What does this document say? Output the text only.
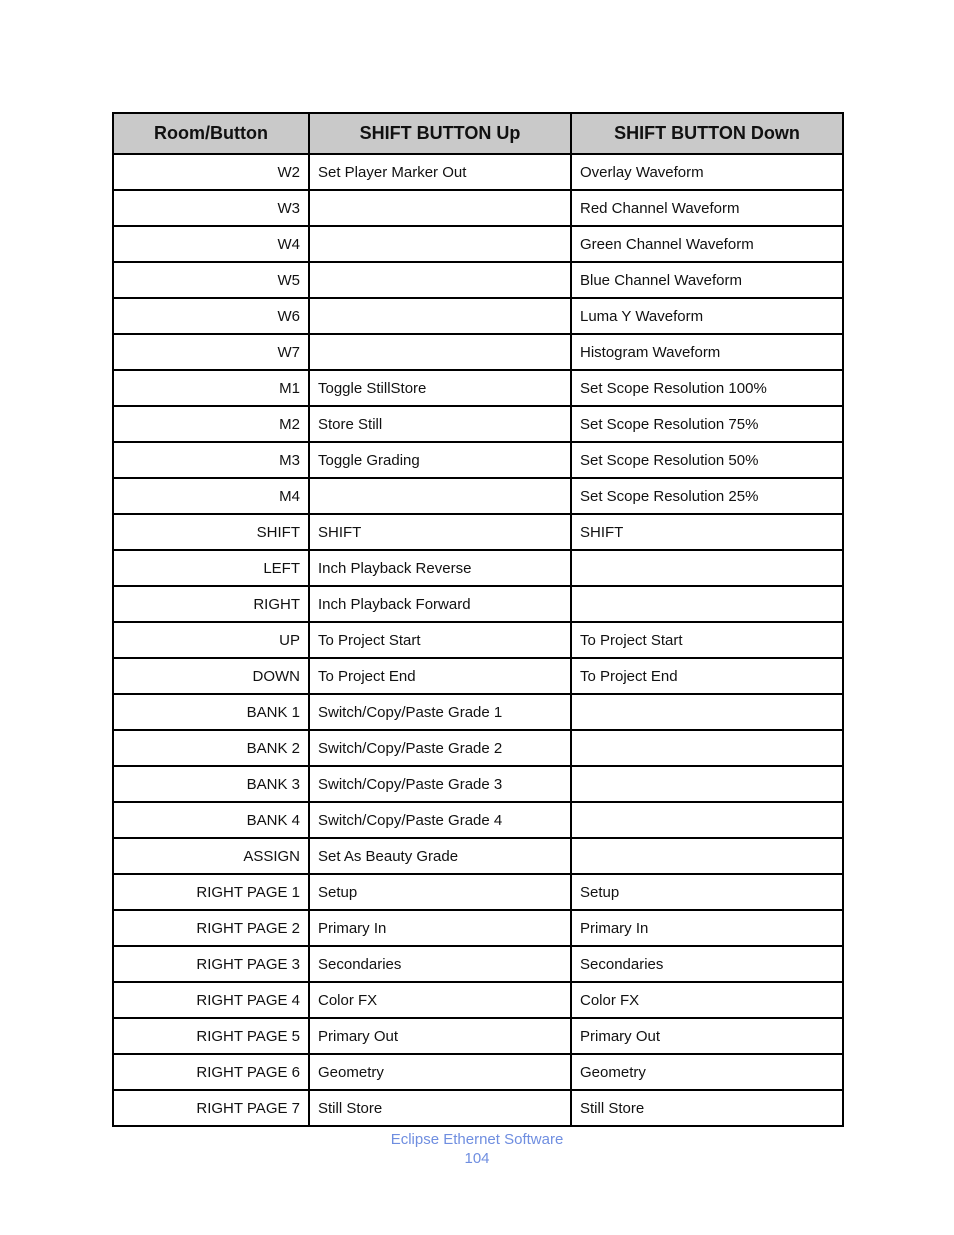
Room/Button	SHIFT BUTTON Up	SHIFT BUTTON Down
W2	Set Player Marker Out	Overlay Waveform
W3		Red Channel Waveform
W4		Green Channel Waveform
W5		Blue Channel Waveform
W6		Luma Y Waveform
W7		Histogram Waveform
M1	Toggle StillStore	Set Scope Resolution 100%
M2	Store Still	Set Scope Resolution 75%
M3	Toggle Grading	Set Scope Resolution 50%
M4		Set Scope Resolution 25%
SHIFT	SHIFT	SHIFT
LEFT	Inch Playback Reverse	
RIGHT	Inch Playback Forward	
UP	To Project Start	To Project Start
DOWN	To Project End	To Project End
BANK 1	Switch/Copy/Paste Grade 1	
BANK 2	Switch/Copy/Paste Grade 2	
BANK 3	Switch/Copy/Paste Grade 3	
BANK 4	Switch/Copy/Paste Grade 4	
ASSIGN	Set As Beauty Grade	
RIGHT PAGE 1	Setup	Setup
RIGHT PAGE 2	Primary In	Primary In
RIGHT PAGE 3	Secondaries	Secondaries
RIGHT PAGE 4	Color FX	Color FX
RIGHT PAGE 5	Primary Out	Primary Out
RIGHT PAGE 6	Geometry	Geometry
RIGHT PAGE 7	Still Store	Still Store
Eclipse Ethernet Software
104
